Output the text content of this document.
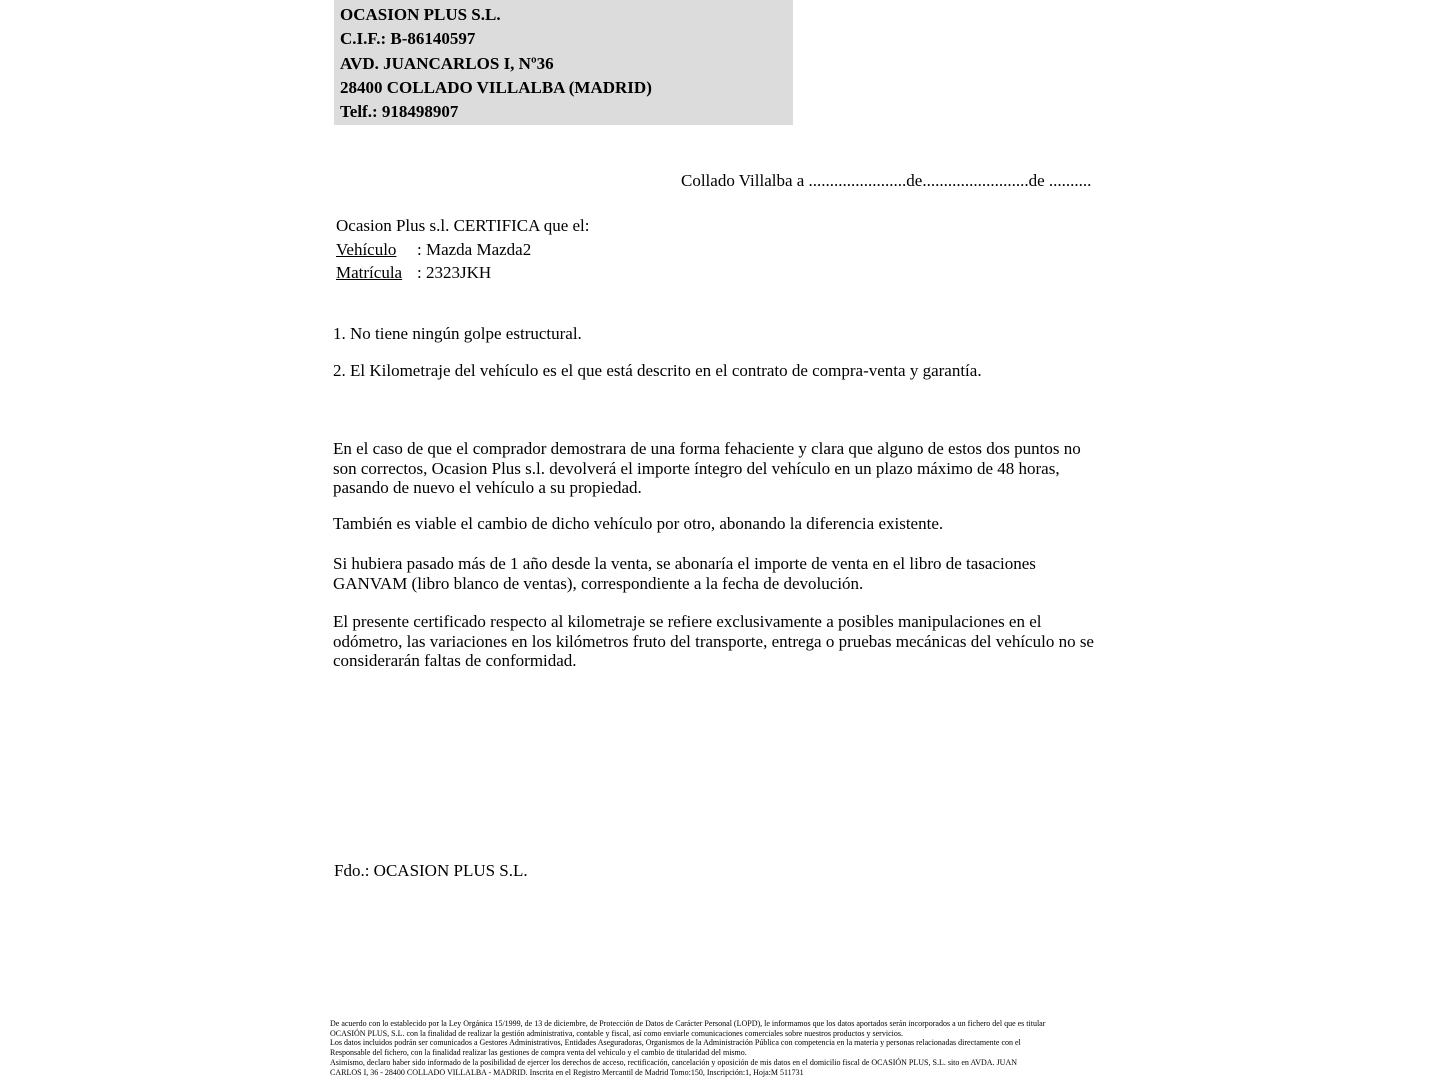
OCASION PLUS S.L.
C.I.F.: B-86140597
AVD. JUANCARLOS I, Nº36
28400 COLLADO VILLALBA (MADRID)
Telf.: 918498907
Collado Villalba a .......................de.........................de ..........
Ocasion Plus s.l. CERTIFICA que el:
Vehículo : Mazda Mazda2
Matrícula : 2323JKH
1. No tiene ningún golpe estructural.
2. El Kilometraje del vehículo es el que está descrito en el contrato de compra-venta y garantía.
En el caso de que el comprador demostrara de una forma fehaciente y clara que alguno de estos dos puntos no son correctos, Ocasion Plus s.l. devolverá el importe íntegro del vehículo en un plazo máximo de 48 horas, pasando de nuevo el vehículo a su propiedad.
También es viable el cambio de dicho vehículo por otro, abonando la diferencia existente.
Si hubiera pasado más de 1 año desde la venta, se abonaría el importe de venta en el libro de tasaciones GANVAM (libro blanco de ventas), correspondiente a la fecha de devolución.
El presente certificado respecto al kilometraje se refiere exclusivamente a posibles manipulaciones en el odómetro, las variaciones en los kilómetros fruto del transporte, entrega o pruebas mecánicas del vehículo no se considerarán faltas de conformidad.
Fdo.: OCASION PLUS S.L.
De acuerdo con lo establecido por la Ley Orgánica 15/1999, de 13 de diciembre, de Protección de Datos de Carácter Personal (LOPD), le informamos que los datos aportados serán incorporados a un fichero del que es titular
OCASIÓN PLUS, S.L. con la finalidad de realizar la gestión administrativa, contable y fiscal, así como enviarle comunicaciones comerciales sobre nuestros productos y servicios.
Los datos incluidos podrán ser comunicados a Gestores Administrativos, Entidades Aseguradoras, Organismos de la Administración Pública con competencia en la materia y personas relacionadas directamente con el
Responsable del fichero, con la finalidad realizar las gestiones de compra venta del vehículo y el cambio de titularidad del mismo.
Asimismo, declaro haber sido informado de la posibilidad de ejercer los derechos de acceso, rectificación, cancelación y oposición de mis datos en el domicilio fiscal de OCASIÓN PLUS, S.L. sito en AVDA. JUAN
CARLOS I, 36 - 28400 COLLADO VILLALBA - MADRID. Inscrita en el Registro Mercantil de Madrid Tomo:150, Inscripción:1, Hoja:M 511731
